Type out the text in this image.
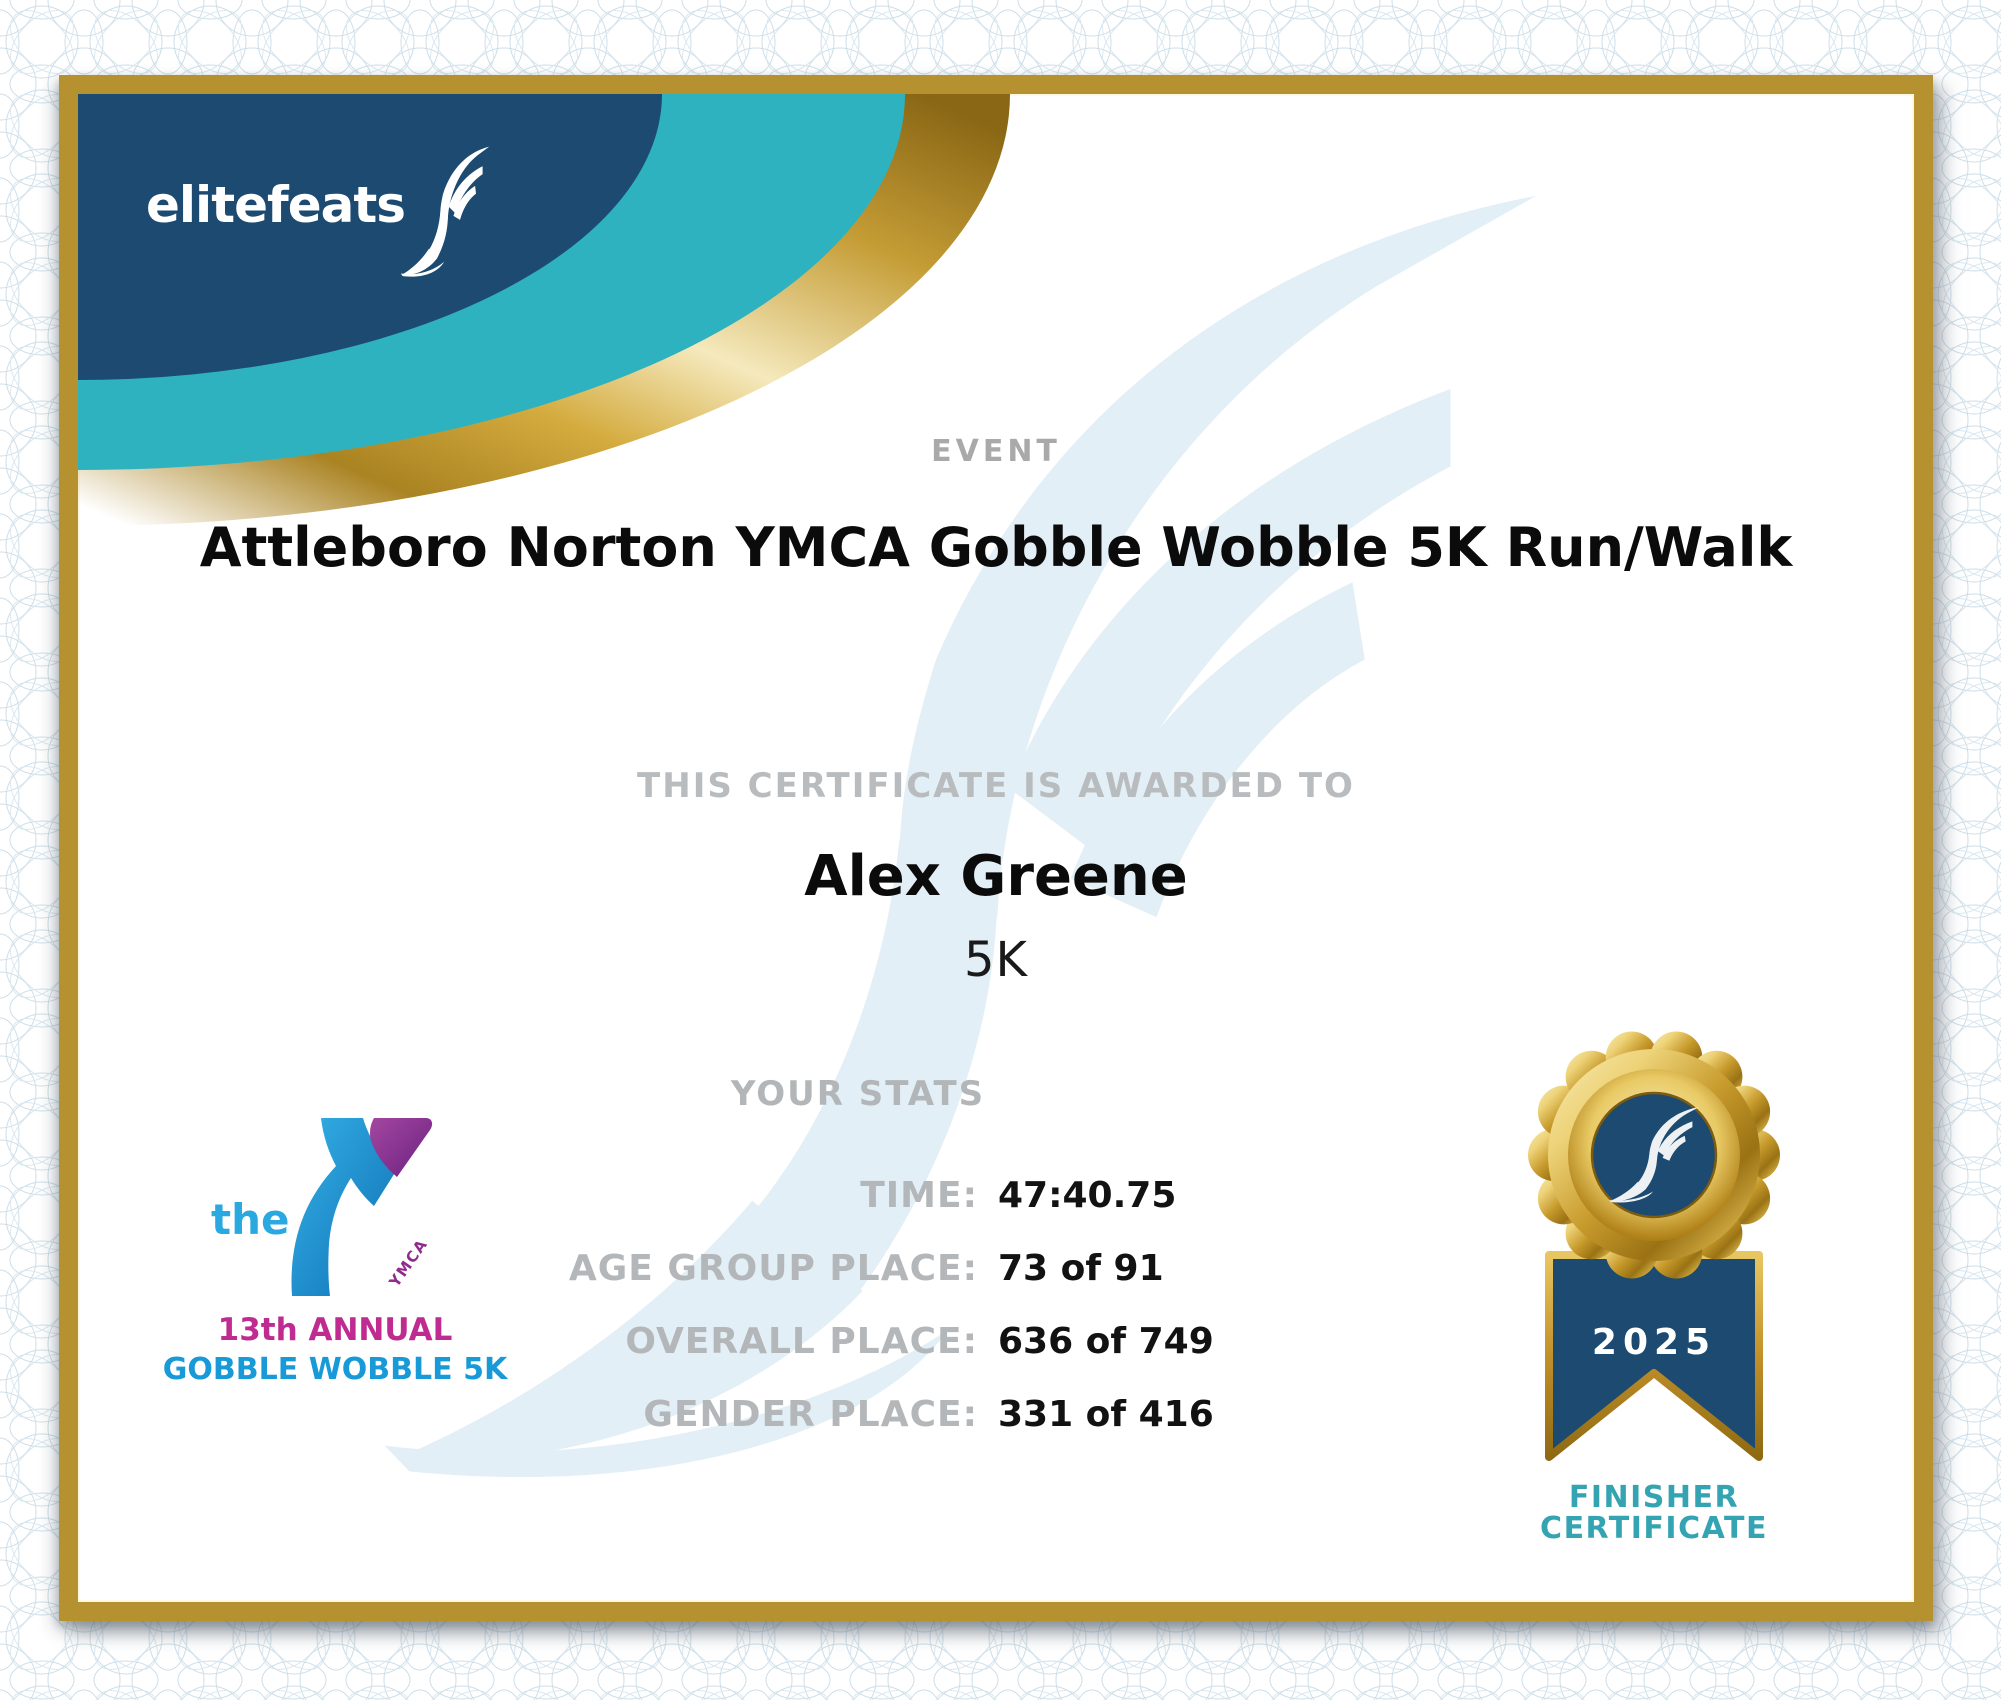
elitefeats
EVENT
Attleboro Norton YMCA Gobble Wobble 5K Run/Walk
THIS CERTIFICATE IS AWARDED TO
Alex Greene
5K
YOUR STATS
TIME: 47:40.75
AGE GROUP PLACE: 73 of 91
OVERALL PLACE: 636 of 749
GENDER PLACE: 331 of 416
the
YMCA
13th ANNUAL
GOBBLE WOBBLE 5K
2025
FINISHER
CERTIFICATE
